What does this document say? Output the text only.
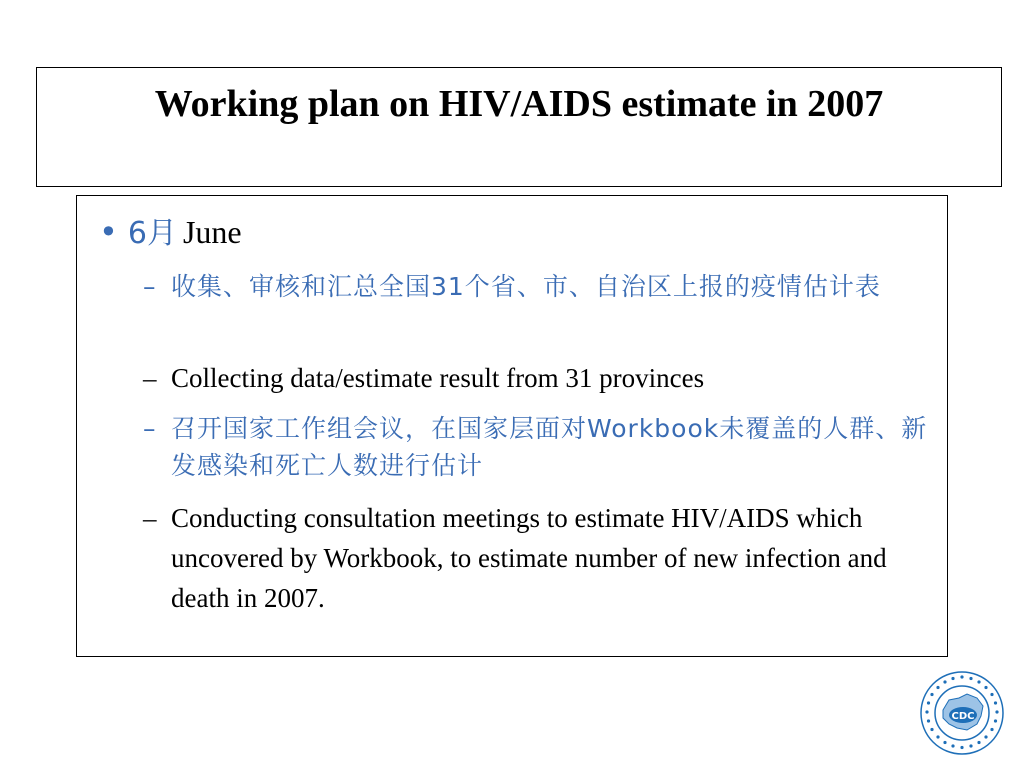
Working plan on HIV/AIDS estimate in 2007
• 6月 June
– 收集、审核和汇总全国31个省、市、自治区上报的疫情估计表
– Collecting data/estimate result from 31 provinces
– 召开国家工作组会议，在国家层面对Workbook未覆盖的人群、新发感染和死亡人数进行估计
– Conducting consultation meetings to estimate HIV/AIDS which uncovered by Workbook, to estimate number of new infection and death in 2007.
CDC
